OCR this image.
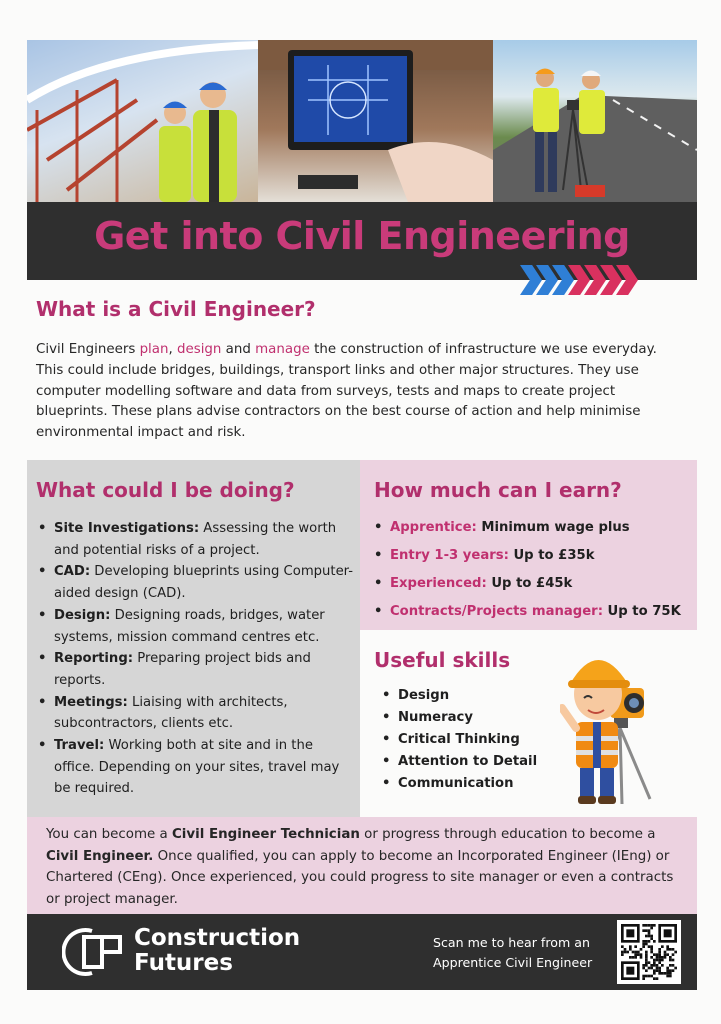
Get into Civil Engineering
What is a Civil Engineer?
Civil Engineers plan, design and manage the construction of infrastructure we use everyday. This could include bridges, buildings, transport links and other major structures. They use computer modelling software and data from surveys, tests and maps to create project blueprints. These plans advise contractors on the best course of action and help minimise environmental impact and risk.
What could I be doing?
• Site Investigations: Assessing the worth and potential risks of a project.
• CAD: Developing blueprints using Computer-aided design (CAD).
• Design: Designing roads, bridges, water systems, mission command centres etc.
• Reporting: Preparing project bids and reports.
• Meetings: Liaising with architects, subcontractors, clients etc.
• Travel: Working both at site and in the office. Depending on your sites, travel may be required.
How much can I earn?
• Apprentice: Minimum wage plus
• Entry 1-3 years: Up to £35k
• Experienced: Up to £45k
• Contracts/Projects manager: Up to 75K
Useful skills
• Design
• Numeracy
• Critical Thinking
• Attention to Detail
• Communication
You can become a Civil Engineer Technician or progress through education to become a Civil Engineer. Once qualified, you can apply to become an Incorporated Engineer (IEng) or Chartered (CEng). Once experienced, you could progress to site manager or even a contracts or project manager.
Construction
Futures
Scan me to hear from an Apprentice Civil Engineer
